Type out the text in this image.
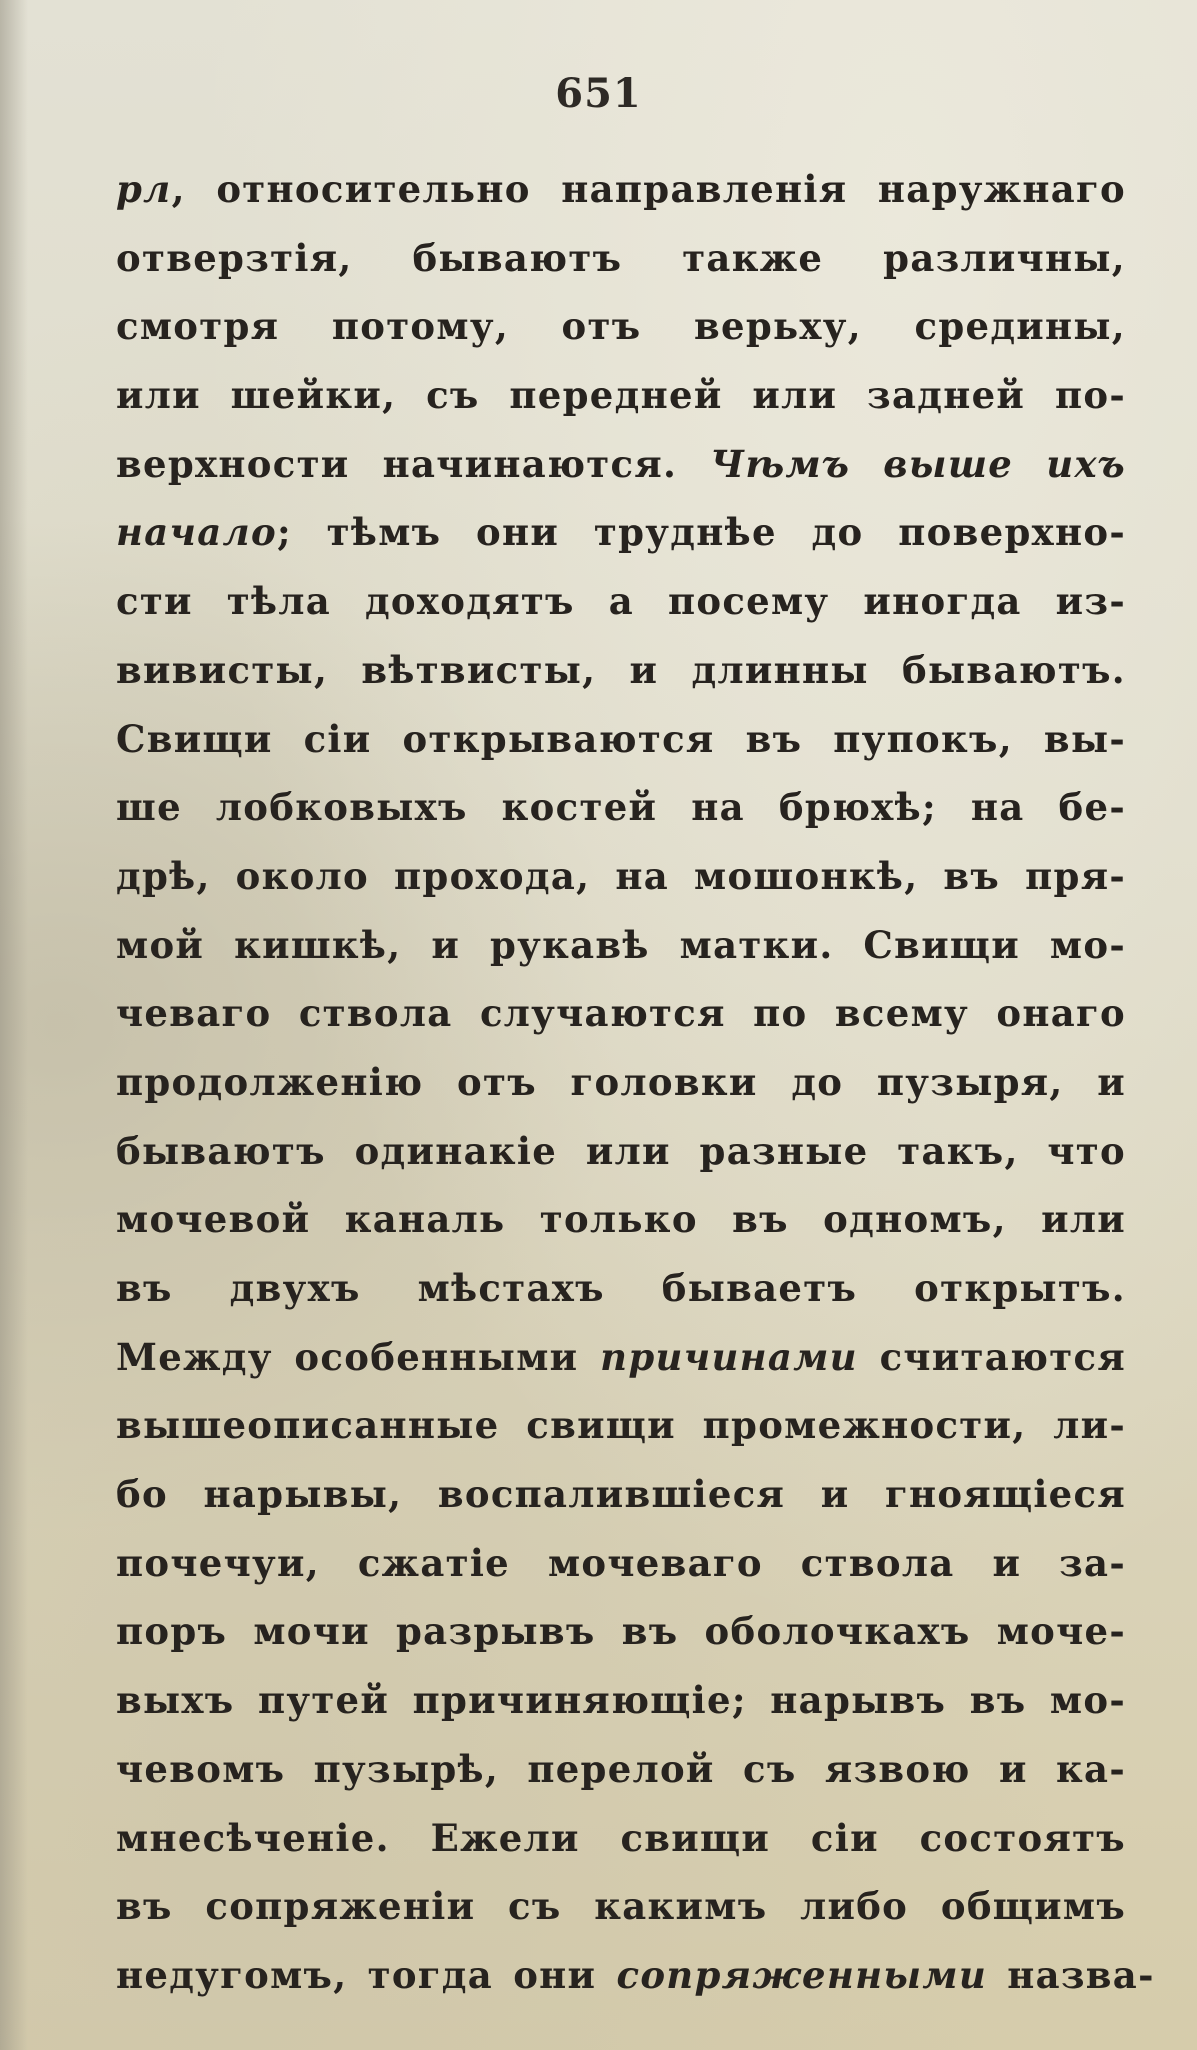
651
рл, относительно направленія наружнаго
отверзтія, бываютъ также различны,
смотря потому, отъ верьху, средины,
или шейки, съ передней или задней по-
верхности начинаются. Чѣмъ выше ихъ
начало; тѣмъ они труднѣе до поверхно-
сти тѣла доходятъ а посему иногда из-
вивисты, вѣтвисты, и длинны бываютъ.
Свищи сіи открываются въ пупокъ, вы-
ше лобковыхъ костей на брюхѣ; на бе-
дрѣ, около прохода, на мошонкѣ, въ пря-
мой кишкѣ, и рукавѣ матки. Свищи мо-
чеваго ствола случаются по всему онаго
продолженію отъ головки до пузыря, и
бываютъ одинакіе или разные такъ, что
мочевой каналь только въ одномъ, или
въ двухъ мѣстахъ бываетъ открытъ.
Между особенными причинами считаются
вышеописанные свищи промежности, ли-
бо нарывы, воспалившіеся и гноящіеся
почечуи, сжатіе мочеваго ствола и за-
поръ мочи разрывъ въ оболочкахъ моче-
выхъ путей причиняющіе; нарывъ въ мо-
чевомъ пузырѣ, перелой съ язвою и ка-
мнесѣченіе. Ежели свищи сіи состоятъ
въ сопряженіи съ какимъ либо общимъ
недугомъ, тогда они сопряженными назва-
